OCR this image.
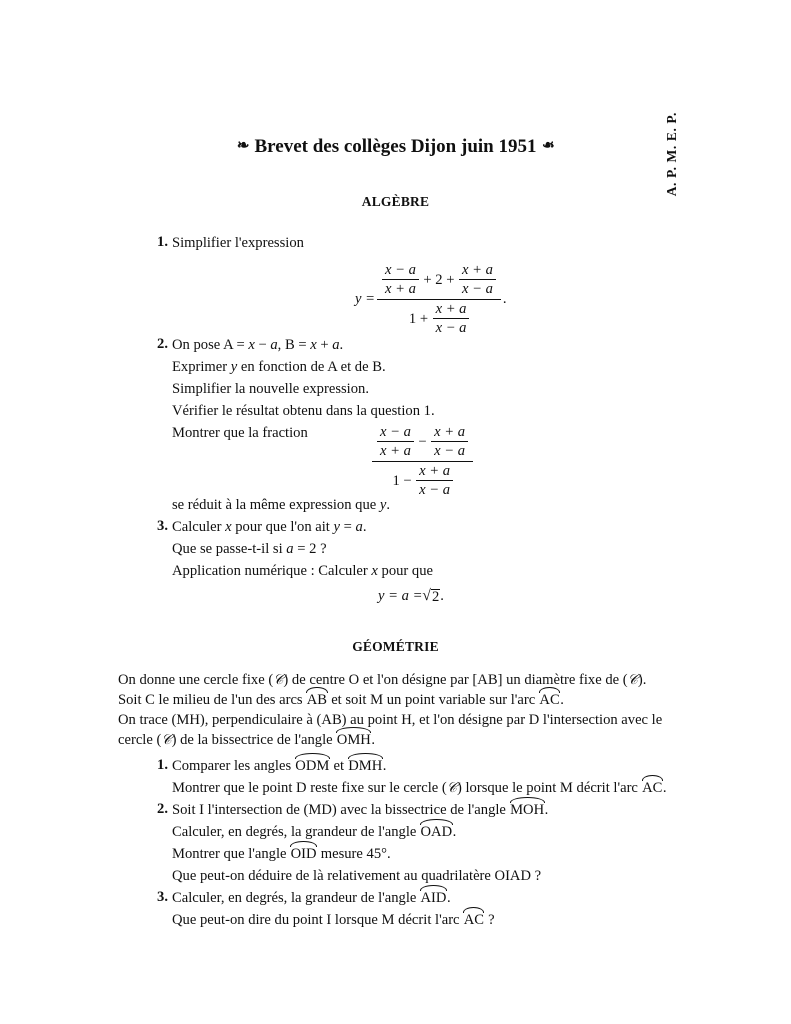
A. P. M. E. P.
❧ Brevet des collèges Dijon juin 1951 ❧
ALGÈBRE
1. Simplifier l'expression
y =
$\frac{x - a}{x + a} + 2 + \frac{x + a}{x - a}$
$1 + \frac{x + a}{x - a}$
.
2. On pose A = x − a, B = x + a.
Exprimer y en fonction de A et de B.
Simplifier la nouvelle expression.
Vérifier le résultat obtenu dans la question 1.
Montrer que la fraction	$\frac{x - a}{x + a} - \frac{x + a}{x - a}$
$1 - \frac{x + a}{x - a}$
se réduit à la même expression que y.
3. Calculer x pour que l'on ait y = a.
Que se passe-t-il si a = 2 ?
Application numérique : Calculer x pour que
y = a = √ 2 .
GÉOMÉTRIE
On donne une cercle fixe (𝒞) de centre O et l'on désigne par [AB] un diamètre fixe de (𝒞).
Soit C le milieu de l'un des arcs
AB et soit M un point variable sur l'arc
AC.
On trace (MH), perpendiculaire à (AB) au point H, et l'on désigne par D l'intersection avec le
cercle (𝒞) de la bissectrice de l'angle
OMH.
1. Comparer les angles
ODM et
DMH.
Montrer que le point D reste fixe sur le cercle (𝒞) lorsque le point M décrit l'arc
AC.
2. Soit I l'intersection de (MD) avec la bissectrice de l'angle
MOH.
Calculer, en degrés, la grandeur de l'angle
OAD.
Montrer que l'angle
OID mesure 45°.
Que peut-on déduire de là relativement au quadrilatère OIAD ?
3. Calculer, en degrés, la grandeur de l'angle
AID.
Que peut-on dire du point I lorsque M décrit l'arc
AC ?
